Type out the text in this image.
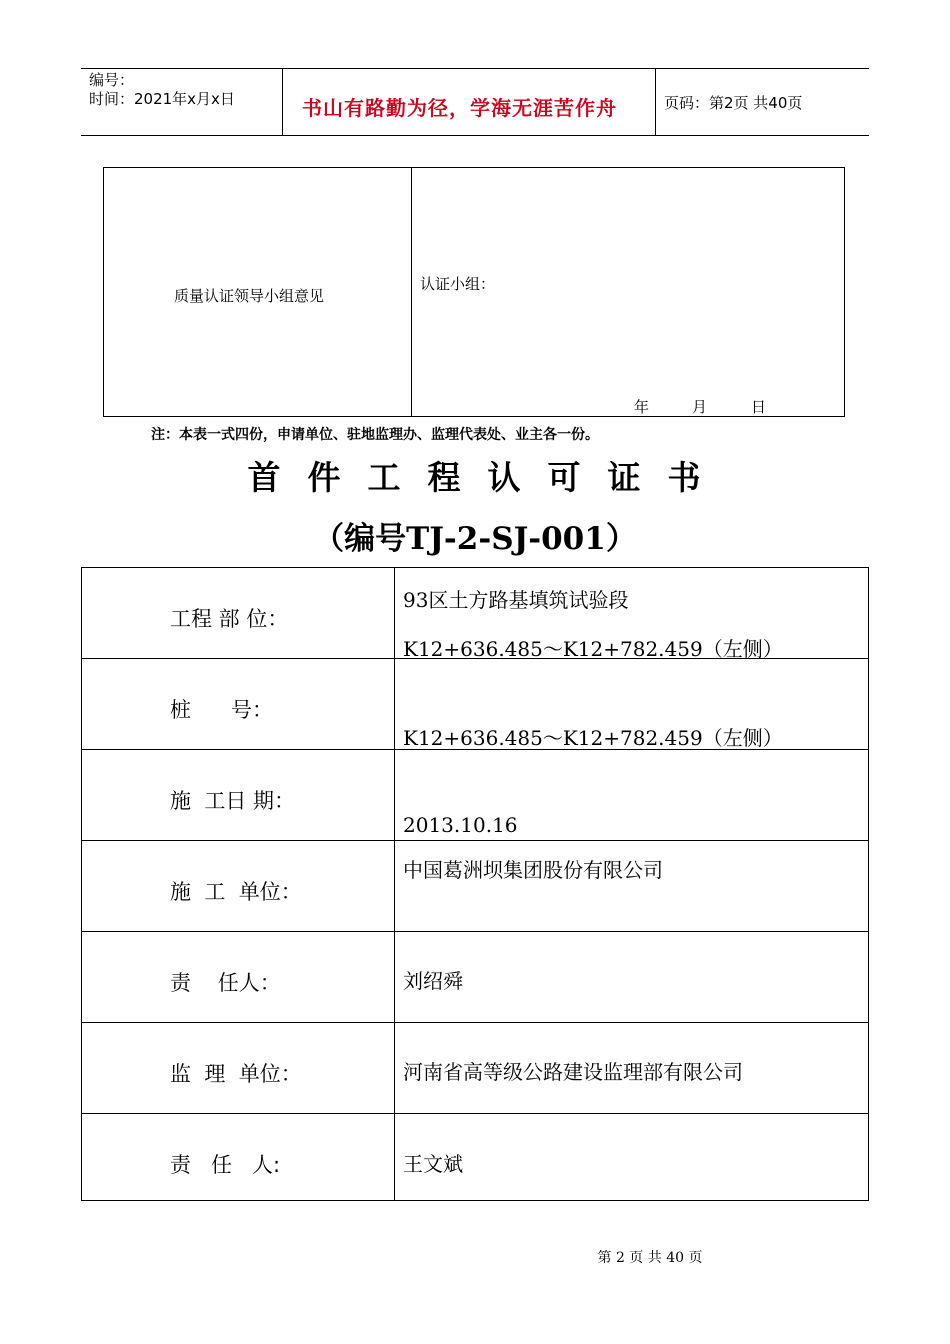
编号：
时间：2021年x月x日	书山有路勤为径，学海无涯苦作舟	页码：第2页 共40页
质量认证领导小组意见
认证小组：
年	月	日
注：本表一式四份，申请单位、驻地监理办、监理代表处、业主各一份。
首件工程认可证书
（编号TJ-2-SJ-001）
工程 部 位：
93区土方路基填筑试验段
K12+636.485～K12+782.459（左侧）
桩      号：
K12+636.485～K12+782.459（左侧）
施  工日 期：
2013.10.16
施  工  单位：
中国葛洲坝集团股份有限公司
责    任人：	刘绍舜
监  理  单位：	河南省高等级公路建设监理部有限公司
责   任   人:	王文斌
第 2 页 共 40 页
